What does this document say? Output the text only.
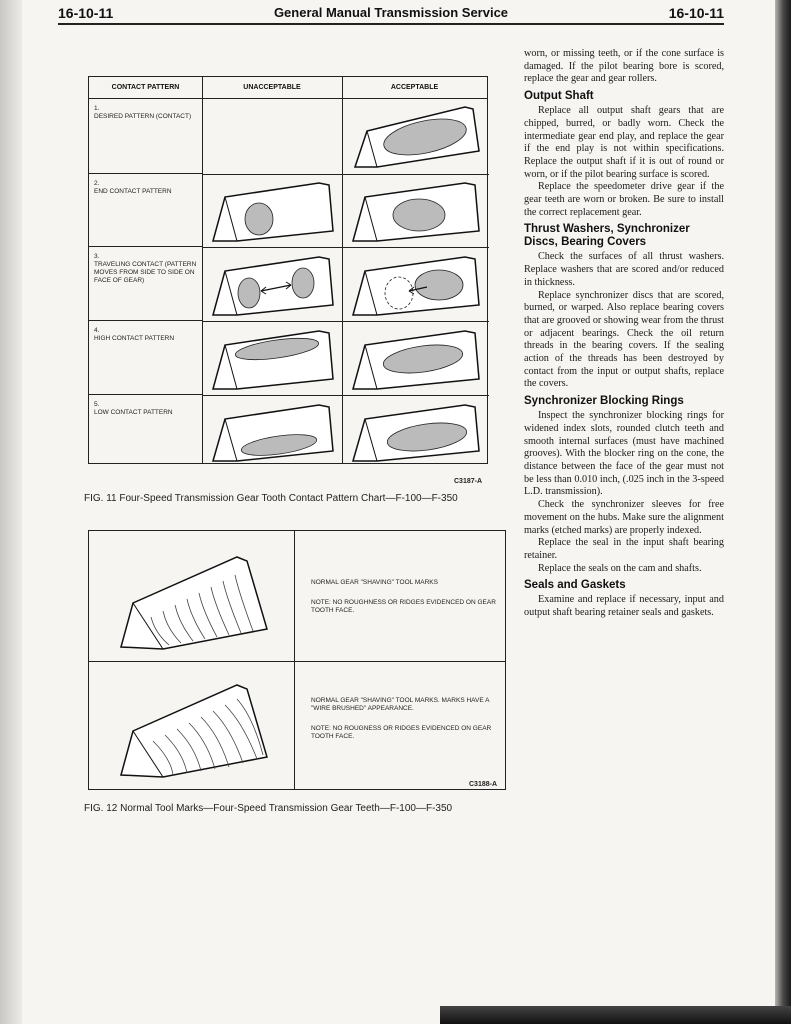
16-10-11	General Manual Transmission Service	16-10-11
CONTACT PATTERN	UNACCEPTABLE	ACCEPTABLE
1.
DESIRED PATTERN (CONTACT)
2.
END CONTACT PATTERN
3.
TRAVELING CONTACT (PATTERN MOVES FROM SIDE TO SIDE ON FACE OF GEAR)
4.
HIGH CONTACT PATTERN
5.
LOW CONTACT PATTERN
C3187-A
FIG. 11 Four-Speed Transmission Gear Tooth Contact Pattern Chart—F-100—F-350
NORMAL GEAR "SHAVING" TOOL MARKS
NOTE: NO ROUGHNESS OR RIDGES EVIDENCED ON GEAR TOOTH FACE.
NORMAL GEAR "SHAVING" TOOL MARKS. MARKS HAVE A "WIRE BRUSHED" APPEARANCE.
NOTE: NO ROUGNESS OR RIDGES EVIDENCED ON GEAR TOOTH FACE.
C3188-A
FIG. 12 Normal Tool Marks—Four-Speed Transmission Gear Teeth—F-100—F-350

worn, or missing teeth, or if the cone surface is damaged. If the pilot bearing bore is scored, replace the gear and gear rollers.

Output Shaft

Replace all output shaft gears that are chipped, burred, or badly worn. Check the intermediate gear end play, and replace the gear if the end play is not within specifications. Replace the output shaft if it is out of round or worn, or if the pilot bearing surface is scored.

Replace the speedometer drive gear if the gear teeth are worn or broken. Be sure to install the correct replacement gear.

Thrust Washers, Synchronizer Discs, Bearing Covers

Check the surfaces of all thrust washers. Replace washers that are scored and/or reduced in thickness.

Replace synchronizer discs that are scored, burned, or warped. Also replace bearing covers that are grooved or showing wear from the thrust or adjacent bearings. Check the oil return threads in the bearing covers. If the sealing action of the threads has been destroyed by contact from the input or output shafts, replace the covers.

Synchronizer Blocking Rings

Inspect the synchronizer blocking rings for widened index slots, rounded clutch teeth and smooth internal surfaces (must have machined grooves). With the blocker ring on the cone, the distance between the face of the gear must not be less than 0.010 inch, (.025 inch in the 3-speed L.D. transmission).

Check the synchronizer sleeves for free movement on the hubs. Make sure the alignment marks (etched marks) are properly indexed.

Replace the seal in the input shaft bearing retainer.

Replace the seals on the cam and shafts.

Seals and Gaskets

Examine and replace if necessary, input and output shaft bearing retainer seals and gaskets.
